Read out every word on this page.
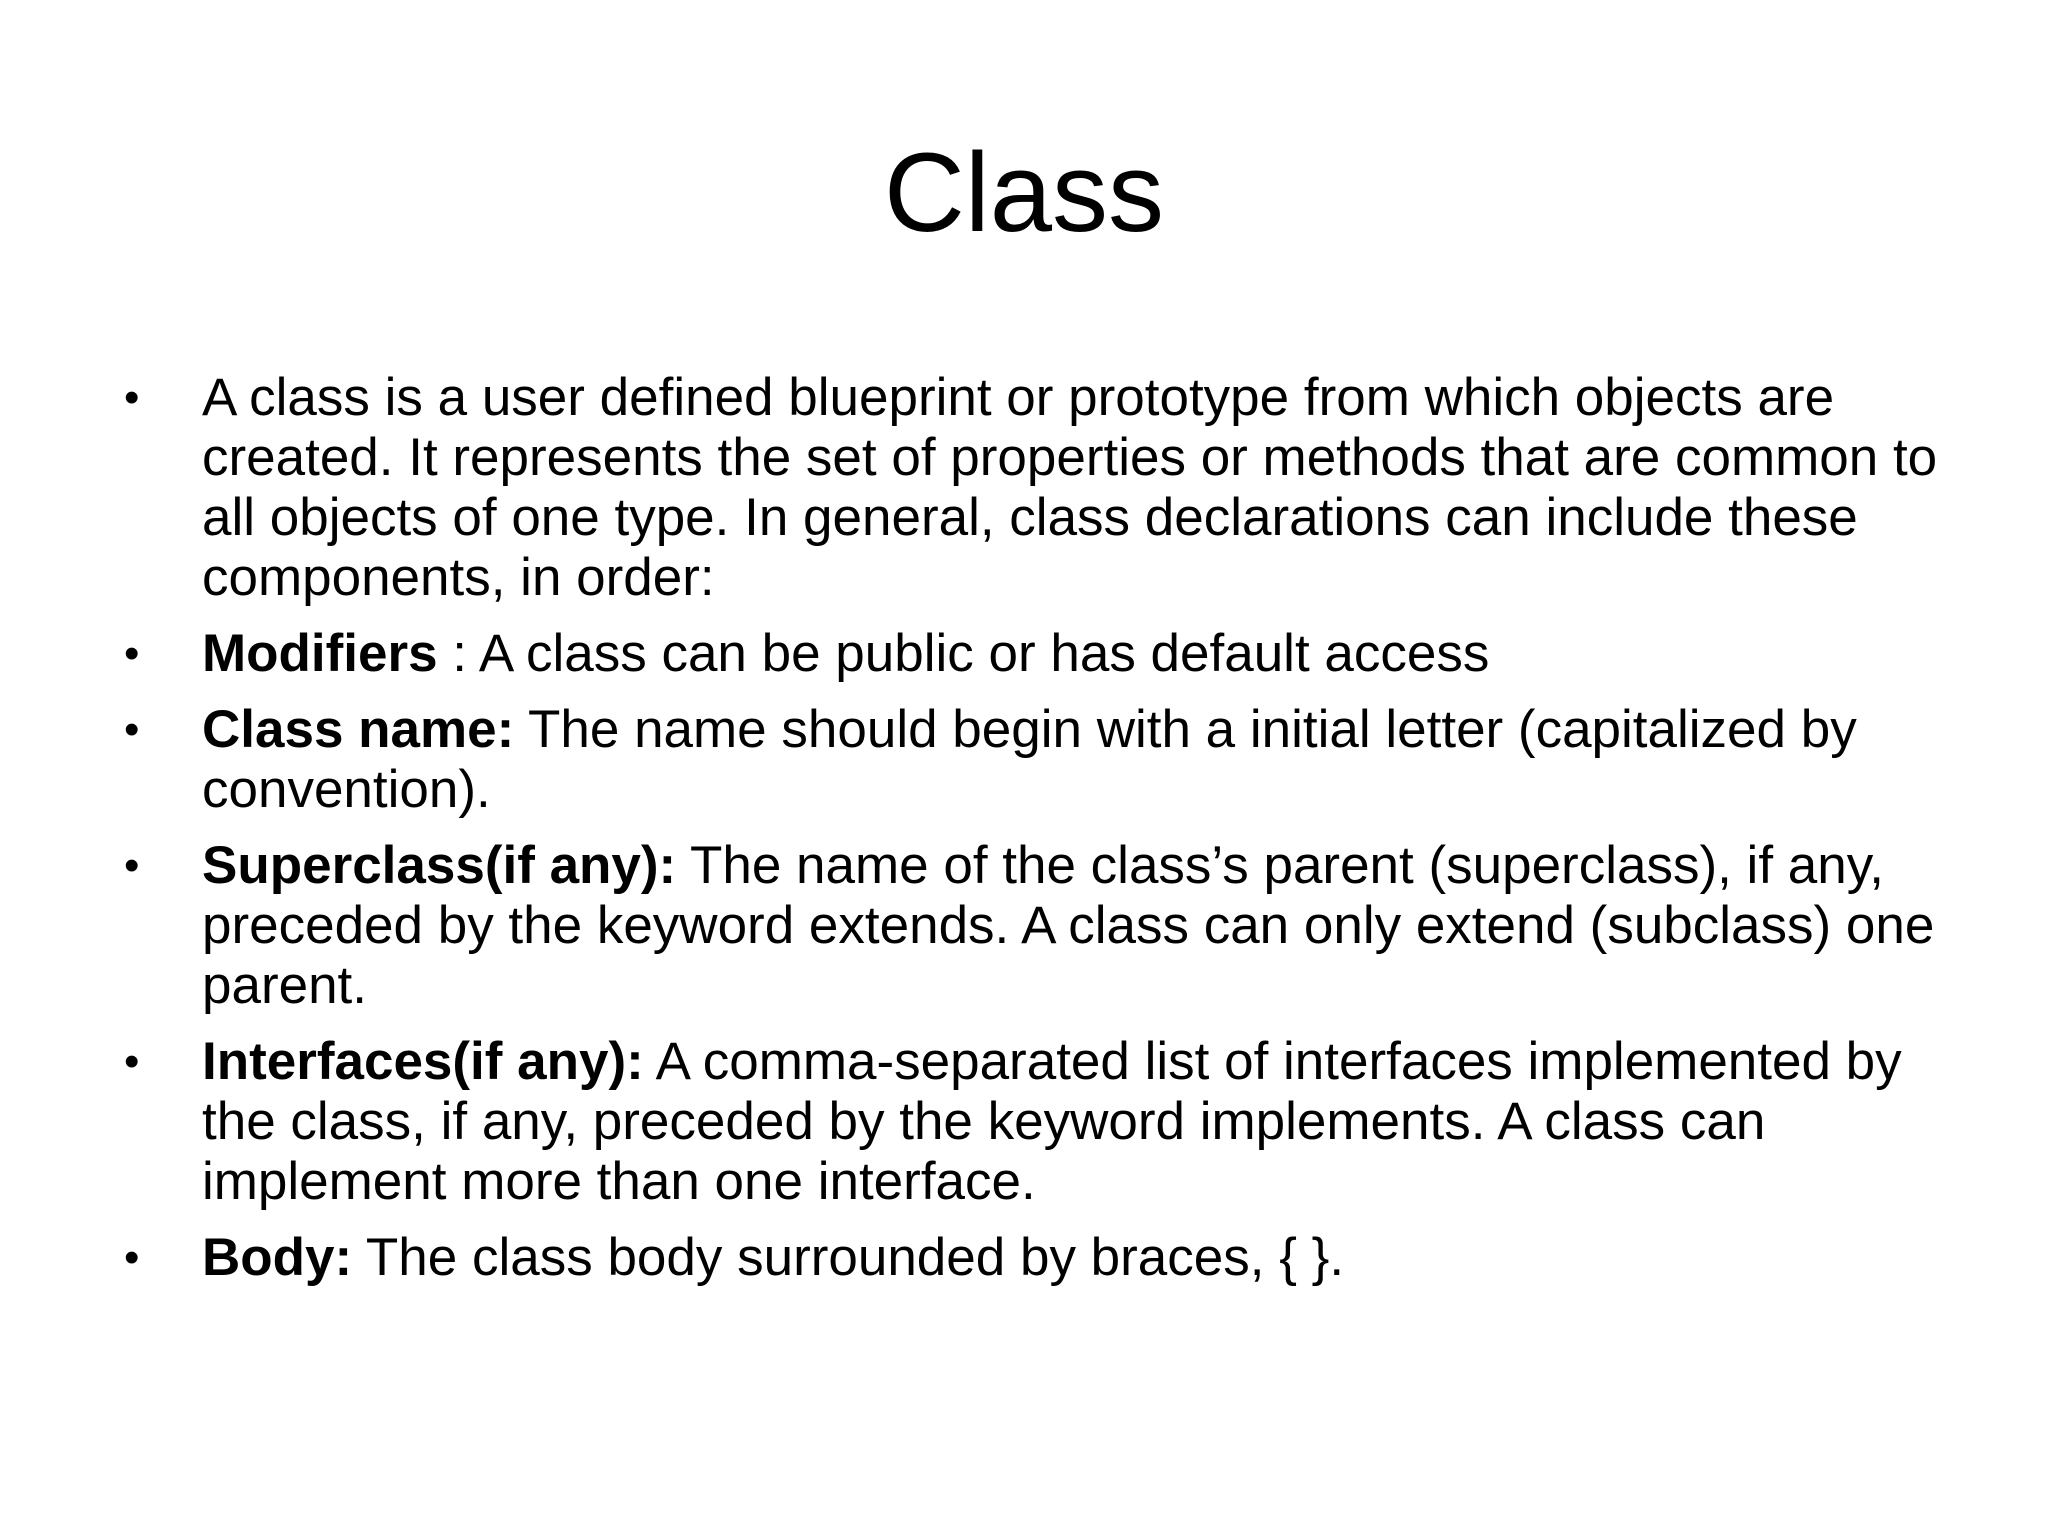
Class
• A class is a user defined blueprint or prototype from which objects are created. It represents the set of properties or methods that are common to all objects of one type. In general, class declarations can include these components, in order:
• Modifiers : A class can be public or has default access
• Class name: The name should begin with a initial letter (capitalized by convention).
• Superclass(if any): The name of the class’s parent (superclass), if any, preceded by the keyword extends. A class can only extend (subclass) one parent.
• Interfaces(if any): A comma-separated list of interfaces implemented by the class, if any, preceded by the keyword implements. A class can implement more than one interface.
• Body: The class body surrounded by braces, { }.
